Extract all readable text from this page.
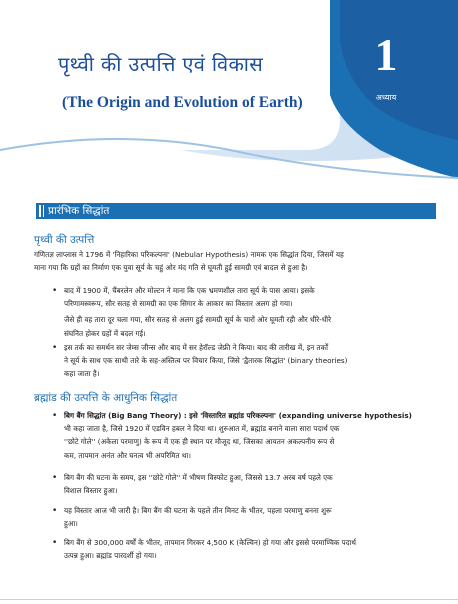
पृथ्वी की उत्पत्ति एवं विकास
(The Origin and Evolution of Earth)
1
अध्याय
प्रारंभिक सिद्धांत
पृथ्वी की उत्पत्ति
गणितज्ञ लाप्लास ने 1796 में 'निहारिका परिकल्पना' (Nebular Hypothesis) नामक एक सिद्धांत दिया, जिसमें यह
माना गया कि ग्रहों का निर्माण एक युवा सूर्य के चहुं ओर मंद गति से घूमती हुई सामग्री एवं बादल से हुआ है।
• बाद में 1900 में, चैंबरलेन और मोल्टन ने माना कि एक भ्रमणशील तारा सूर्य के पास आया। इसके
परिणामस्वरूप, सौर सतह से सामग्री का एक सिगार के आकार का विस्तार अलग हो गया।
जैसे ही वह तारा दूर चला गया, सौर सतह से अलग हुई सामग्री सूर्य के चारों ओर घूमती रही और धीरे-धीरे
संघनित होकर ग्रहों में बदल गई।
• इस तर्क का समर्थन सर जेम्स जीन्स और बाद में सर हेरॉल्ड जेफ्री ने किया। बाद की तारीख में, इन तर्कों
ने सूर्य के साथ एक साथी तारे के सह-अस्तित्व पर विचार किया, जिसे 'द्वैतारक सिद्धांत' (binary theories)
कहा जाता है।
ब्रह्मांड की उत्पत्ति के आधुनिक सिद्धांत
• बिग बैंग सिद्धांत (Big Bang Theory) : इसे 'विस्तारित ब्रह्मांड परिकल्पना' (expanding universe hypothesis)
भी कहा जाता है, जिसे 1920 में एडविन हबल ने दिया था। शुरुआत में, ब्रह्मांड बनाने वाला सारा पदार्थ एक
''छोटे गोले'' (अकेला परमाणु) के रूप में एक ही स्थान पर मौजूद था, जिसका आयतन अकल्पनीय रूप से
कम, तापमान अनंत और घनत्व भी अपरिमित था।
• बिग बैंग की घटना के समय, इस ''छोटे गोले'' में भीषण विस्फोट हुआ, जिससे 13.7 अरब वर्ष पहले एक
विशाल विस्तार हुआ।
• यह विस्तार आज भी जारी है। बिग बैंग की घटना के पहले तीन मिनट के भीतर, पहला परमाणु बनना शुरू
हुआ।
• बिग बैंग से 300,000 वर्षों के भीतर, तापमान गिरकर 4,500 K (केल्विन) हो गया और इससे परमाण्विक पदार्थ
उत्पन्न हुआ। ब्रह्मांड पारदर्शी हो गया।
